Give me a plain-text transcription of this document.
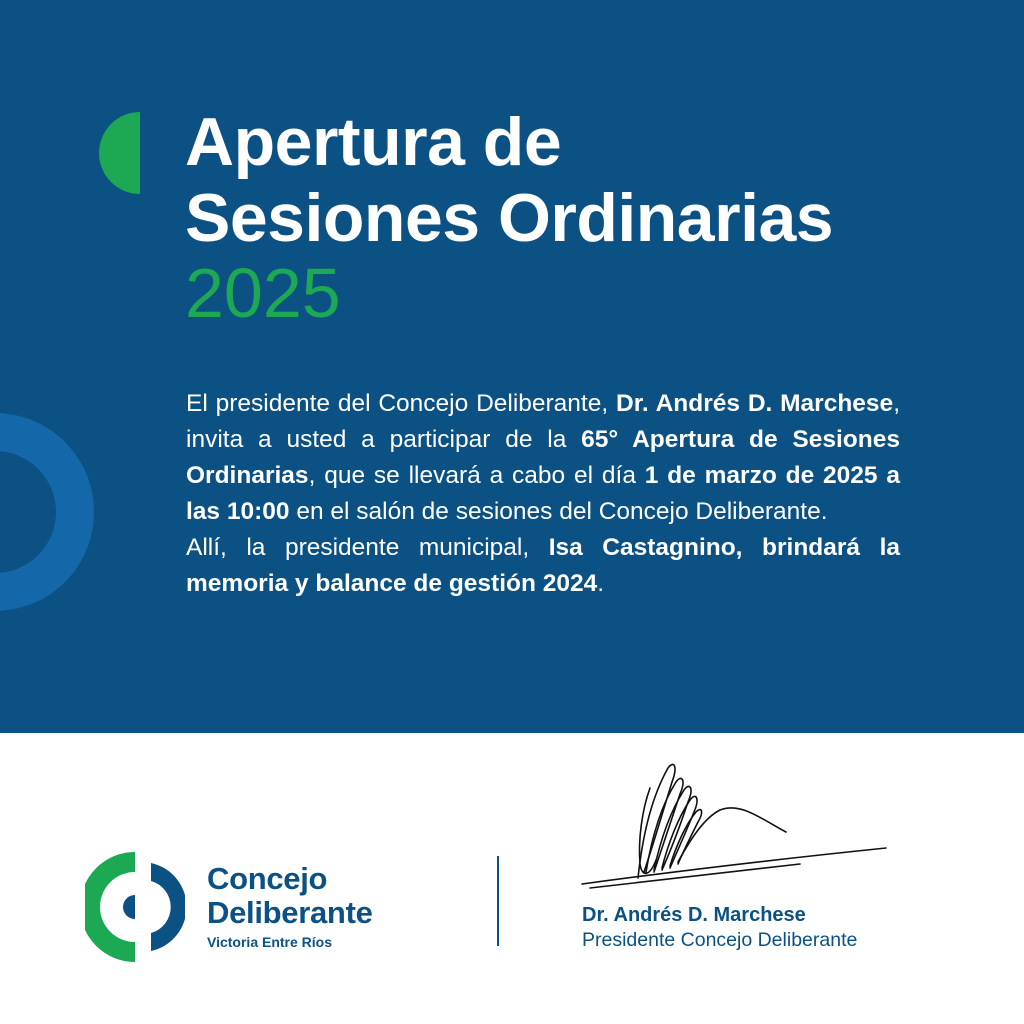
Apertura de
Sesiones Ordinarias
2025

El presidente del Concejo Deliberante, Dr. Andrés D. Marchese, invita a usted a participar de la 65° Apertura de Sesiones Ordinarias, que se llevará a cabo el día 1 de marzo de 2025 a las 10:00 en el salón de sesiones del Concejo Deliberante.
Allí, la presidente municipal, Isa Castagnino, brindará la memoria y balance de gestión 2024.

Concejo
Deliberante
Victoria Entre Ríos
Dr. Andrés D. Marchese
Presidente Concejo Deliberante
